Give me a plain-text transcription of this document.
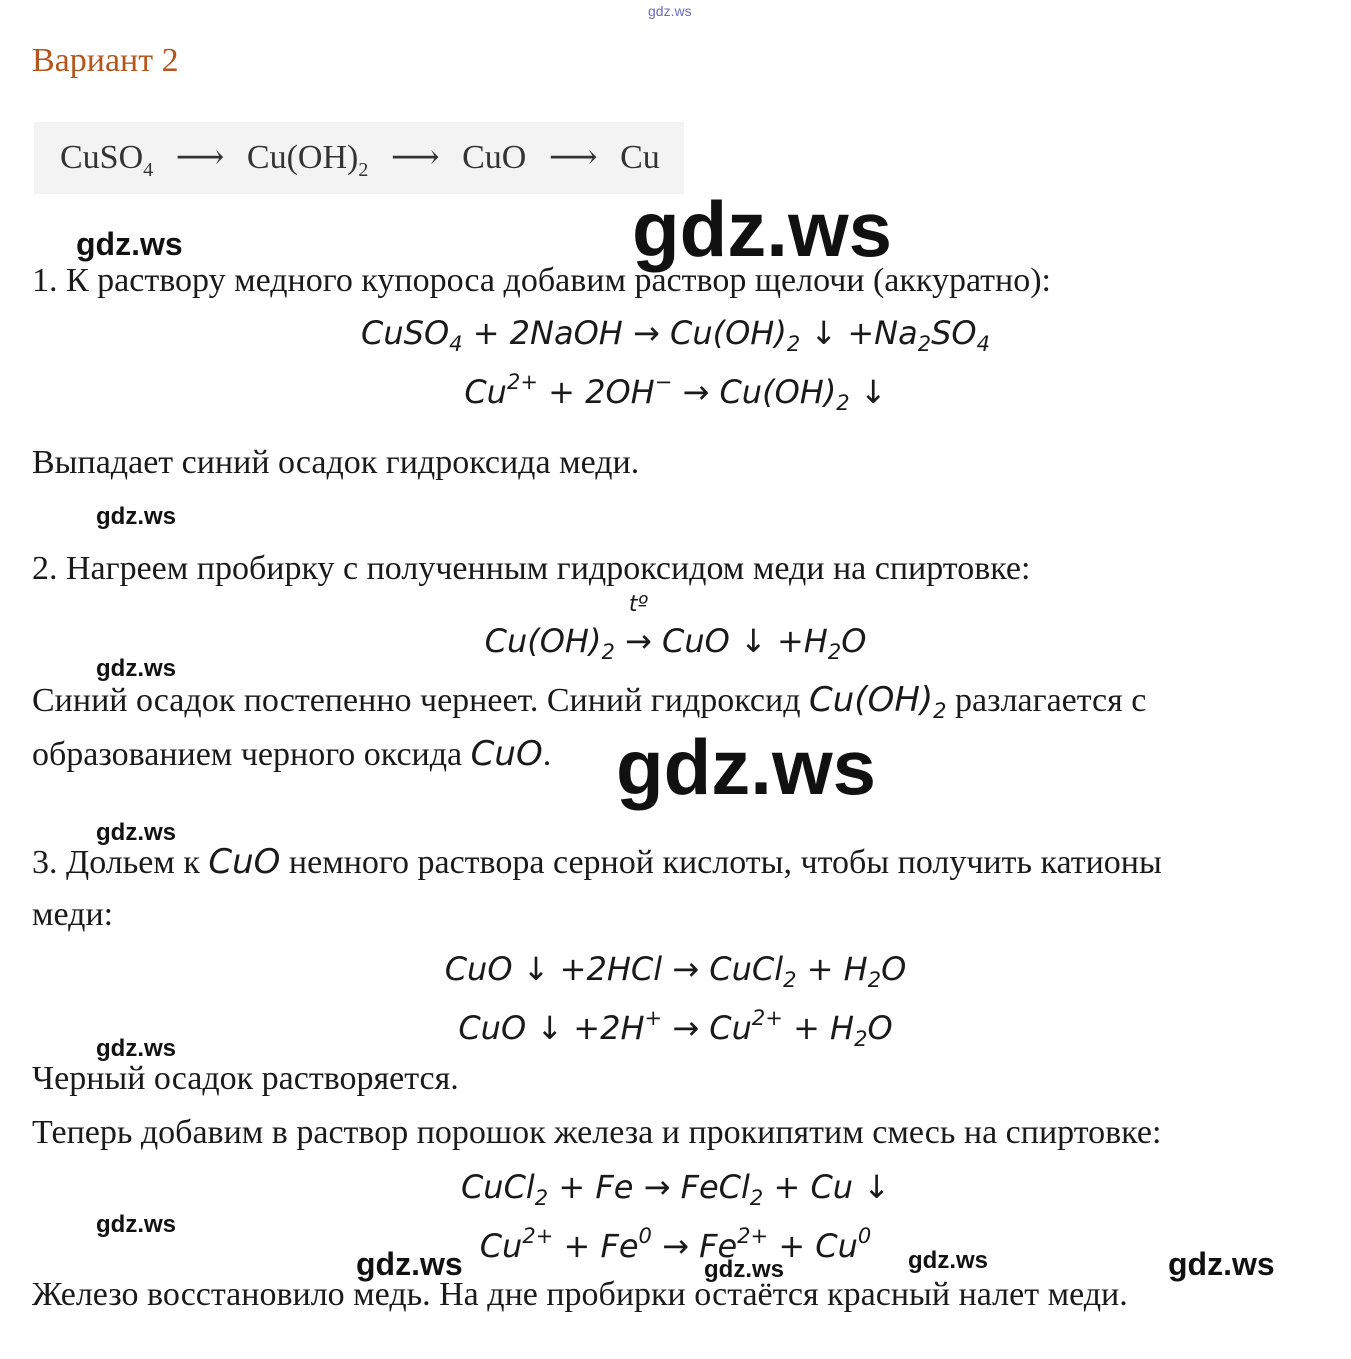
gdz.ws
Вариант 2
CuSO$_4$ ⟶ $Cu(OH)_2$ ⟶ CuO ⟶ Cu
gdz.ws
gdz.ws
1. К раствору медного купороса добавим раствор щелочи (аккуратно):
CuSO$_4$ + 2NaOH → $Cu(OH)_2$ ↓ $+Na_2SO_4$
$Cu^{2+} + 2OH^- \to Cu(OH)_2$ ↓
Выпадает синий осадок гидроксида меди.
gdz.ws
2. Нагреем пробирку с полученным гидроксидом меди на спиртовке:
$Cu(OH)_2$
tº
→ CuO ↓ $+H_2O$
gdz.ws
Синий осадок постепенно чернеет. Синий гидроксид $Cu(OH)_2$ разлагается с
образованием черного оксида CuO. gdz.ws
gdz.ws
3. Дольем к CuO немного раствора серной кислоты, чтобы получить катионы
меди:
CuO ↓ +2HCl → CuCl$_2$ + $H_2O$
CuO ↓ $+2H^+ \to Cu^{2+} + H_2O$
gdz.ws
Черный осадок растворяется.
Теперь добавим в раствор порошок железа и прокипятим смесь на спиртовке:
CuCl$_2$ + Fe → FeCl$_2$ + Cu ↓
gdz.ws
$Cu^{2+} + Fe^0 \to Fe^{2+} + Cu^0$
gdz.ws	gdz.ws	gdz.ws	gdz.ws
Железо восстановило медь. На дне пробирки остаётся красный налет меди.
